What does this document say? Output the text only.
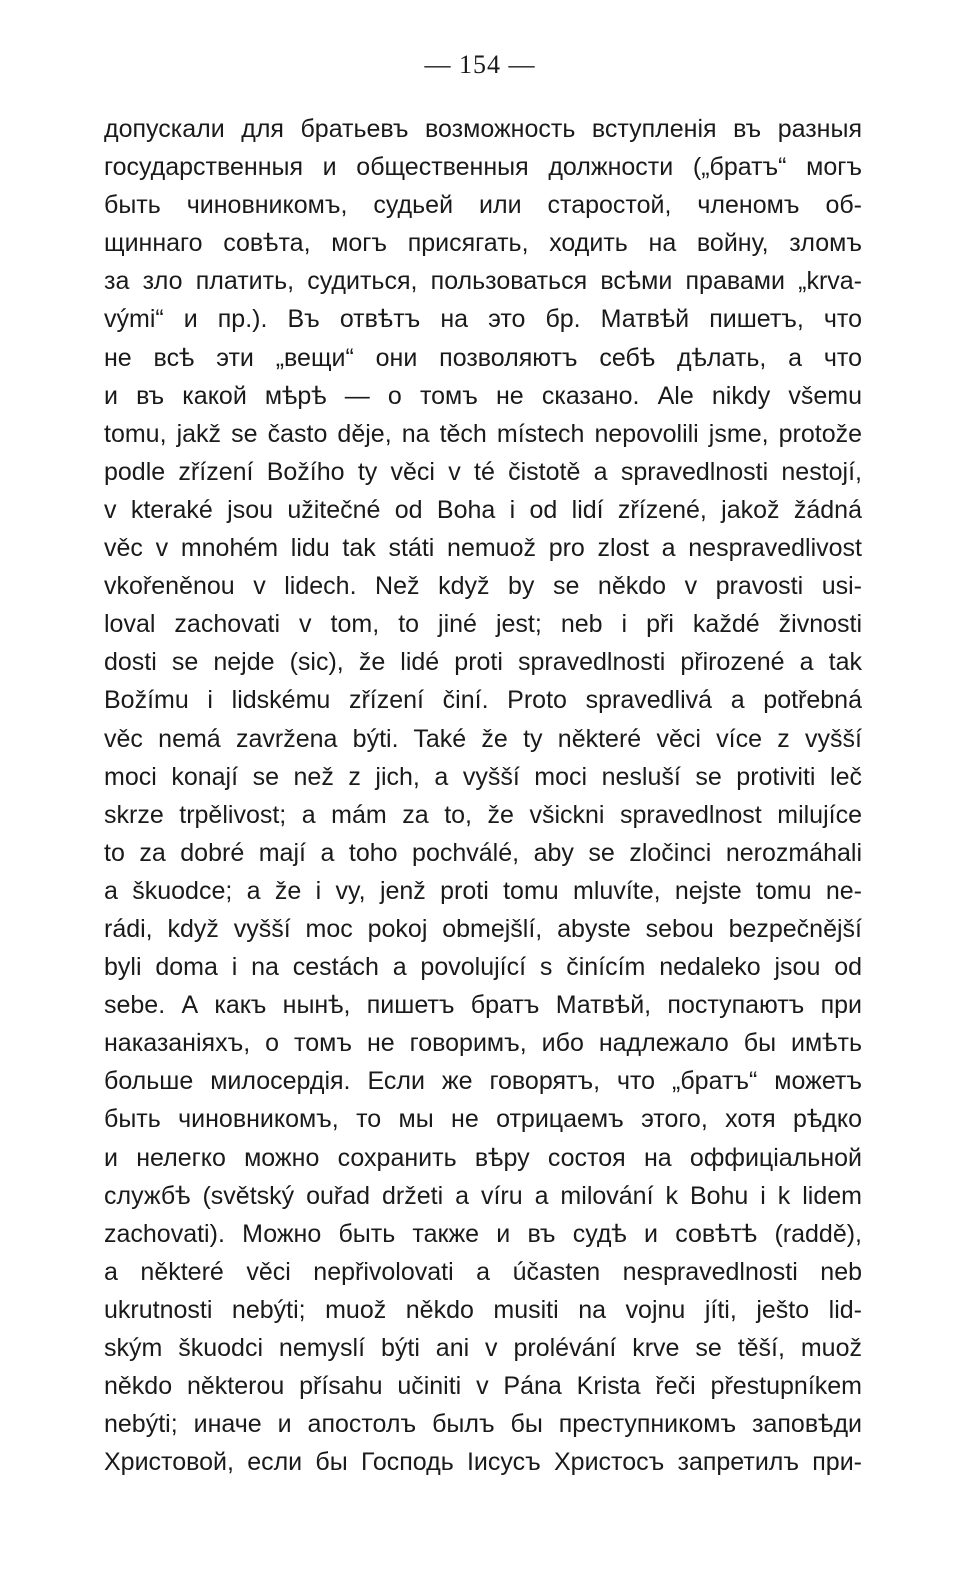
— 154 —
допускали для братьевъ возможность вступленія въ разныя
государственныя и общественныя должности („братъ“ могъ
быть чиновникомъ, судьей или старостой, членомъ об-
щиннаго совѣта, могъ присягать, ходить на войну, зломъ
за зло платить, судиться, пользоваться всѣми правами „krva-
vými“ и пр.). Въ отвѣтъ на это бр. Матвѣй пишетъ, что
не всѣ эти „вещи“ они позволяютъ себѣ дѣлать, а что
и въ какой мѣрѣ — о томъ не сказано. Ale nikdy všemu
tomu, jakž se často děje, na těch místech nepovolili jsme, protože
podle zřízení Božího ty věci v té čistotě a spravedlnosti nestojí,
v kteraké jsou užitečné od Boha i od lidí zřízené, jakož žádná
věc v mnohém lidu tak státi nemuož pro zlost a nespravedlivost
vkořeněnou v lidech. Než když by se někdo v pravosti usi-
loval zachovati v tom, to jiné jest; neb i při každé živnosti
dosti se nejde (sic), že lidé proti spravedlnosti přirozené a tak
Božímu i lidskému zřízení činí. Proto spravedlivá a potřebná
věc nemá zavržena býti. Také že ty některé věci více z vyšší
moci konají se než z jich, a vyšší moci nesluší se protiviti leč
skrze trpělivost; a mám za to, že všickni spravedlnost milujíce
to za dobré mají a toho pochválé, aby se zločinci nerozmáhali
a škuodce; a že i vy, jenž proti tomu mluvíte, nejste tomu ne-
rádi, když vyšší moc pokoj obmejšlí, abyste sebou bezpečnější
byli doma i na cestách a povolující s činícím nedaleko jsou od
sebe. А какъ нынѣ, пишетъ братъ Матвѣй, поступаютъ при
наказаніяхъ, о томъ не говоримъ, ибо надлежало бы имѣть
больше милосердія. Если же говорятъ, что „братъ“ можетъ
быть чиновникомъ, то мы не отрицаемъ этого, хотя рѣдко
и нелегко можно сохранить вѣру состоя на оффиціальной
службѣ (světský ouřad držeti a víru a milování k Bohu i k lidem
zachovati). Можно быть также и въ судѣ и совѣтѣ (raddě),
a některé věci nepřivolovati a účasten nespravedlnosti neb
ukrutnosti nebýti; muož někdo musiti na vojnu jíti, ješto lid-
ským škuodci nemyslí býti ani v prolévání krve se těší, muož
někdo některou přísahu učiniti v Pána Krista řeči přestupníkem
nebýti; иначе и апостолъ былъ бы преступникомъ заповѣди
Христовой, если бы Господь Іисусъ Христосъ запретилъ при-
